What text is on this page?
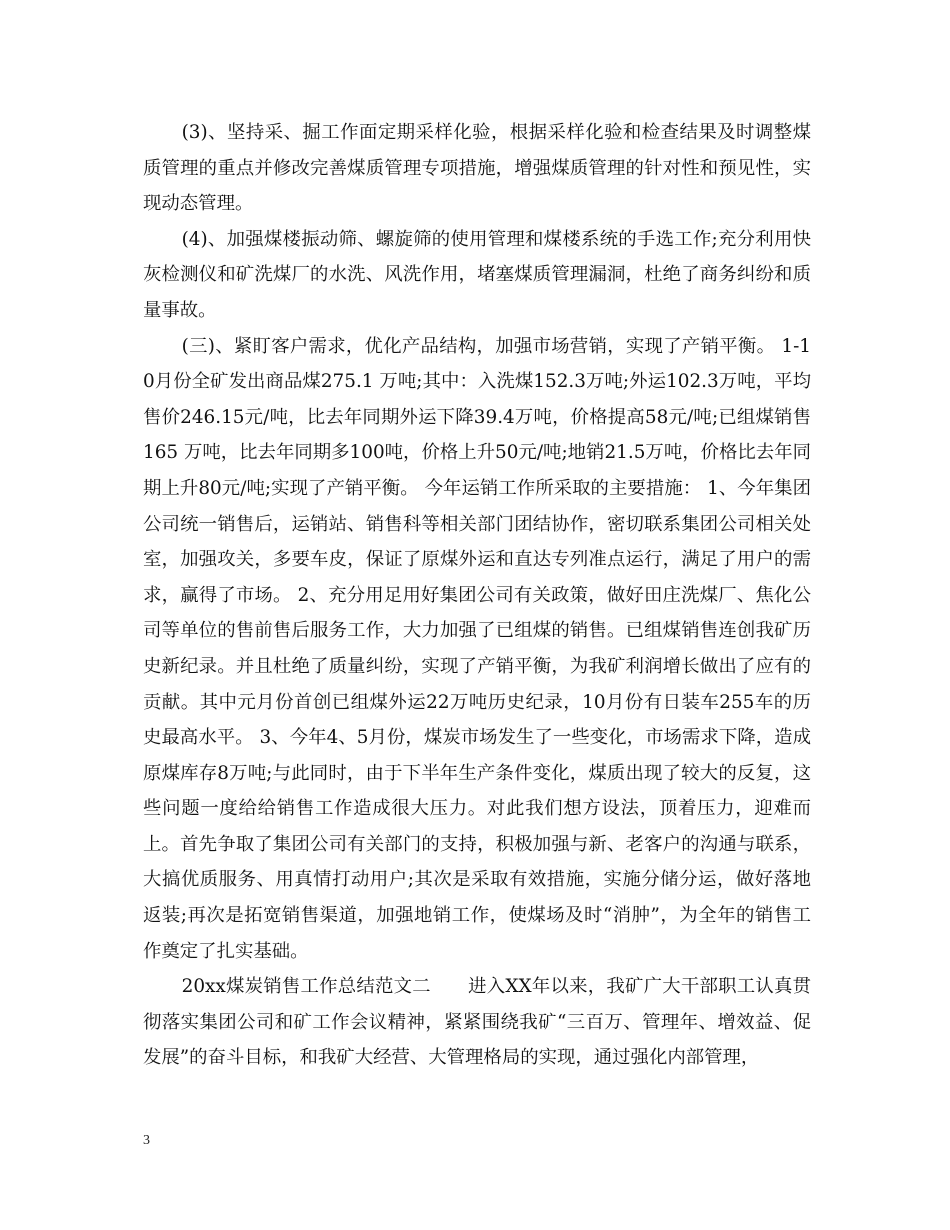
(3)、坚持采、掘工作面定期采样化验，根据采样化验和检查结果及时调整煤质管理的重点并修改完善煤质管理专项措施，增强煤质管理的针对性和预见性，实现动态管理。

(4)、加强煤楼振动筛、螺旋筛的使用管理和煤楼系统的手选工作;充分利用快灰检测仪和矿洗煤厂的水洗、风洗作用，堵塞煤质管理漏洞，杜绝了商务纠纷和质量事故。

(三)、紧盯客户需求，优化产品结构，加强市场营销，实现了产销平衡。 1-10月份全矿发出商品煤275.1 万吨;其中：入洗煤152.3万吨;外运102.3万吨，平均售价246.15元/吨，比去年同期外运下降39.4万吨，价格提高58元/吨;已组煤销售165 万吨，比去年同期多100吨，价格上升50元/吨;地销21.5万吨，价格比去年同期上升80元/吨;实现了产销平衡。 今年运销工作所采取的主要措施： 1、今年集团公司统一销售后，运销站、销售科等相关部门团结协作，密切联系集团公司相关处室，加强攻关，多要车皮，保证了原煤外运和直达专列准点运行，满足了用户的需求，赢得了市场。 2、充分用足用好集团公司有关政策，做好田庄洗煤厂、焦化公司等单位的售前售后服务工作，大力加强了已组煤的销售。已组煤销售连创我矿历史新纪录。并且杜绝了质量纠纷，实现了产销平衡，为我矿利润增长做出了应有的贡献。其中元月份首创已组煤外运22万吨历史纪录，10月份有日装车255车的历史最高水平。 3、今年4、5月份，煤炭市场发生了一些变化，市场需求下降，造成原煤库存8万吨;与此同时，由于下半年生产条件变化，煤质出现了较大的反复，这些问题一度给给销售工作造成很大压力。对此我们想方设法，顶着压力，迎难而上。首先争取了集团公司有关部门的支持，积极加强与新、老客户的沟通与联系，大搞优质服务、用真情打动用户;其次是采取有效措施，实施分储分运，做好落地返装;再次是拓宽销售渠道，加强地销工作，使煤场及时“消肿”，为全年的销售工作奠定了扎实基础。

20xx煤炭销售工作总结范文二　　进入XX年以来，我矿广大干部职工认真贯彻落实集团公司和矿工作会议精神，紧紧围绕我矿“三百万、管理年、增效益、促发展”的奋斗目标，和我矿大经营、大管理格局的实现，通过强化内部管理，

3
